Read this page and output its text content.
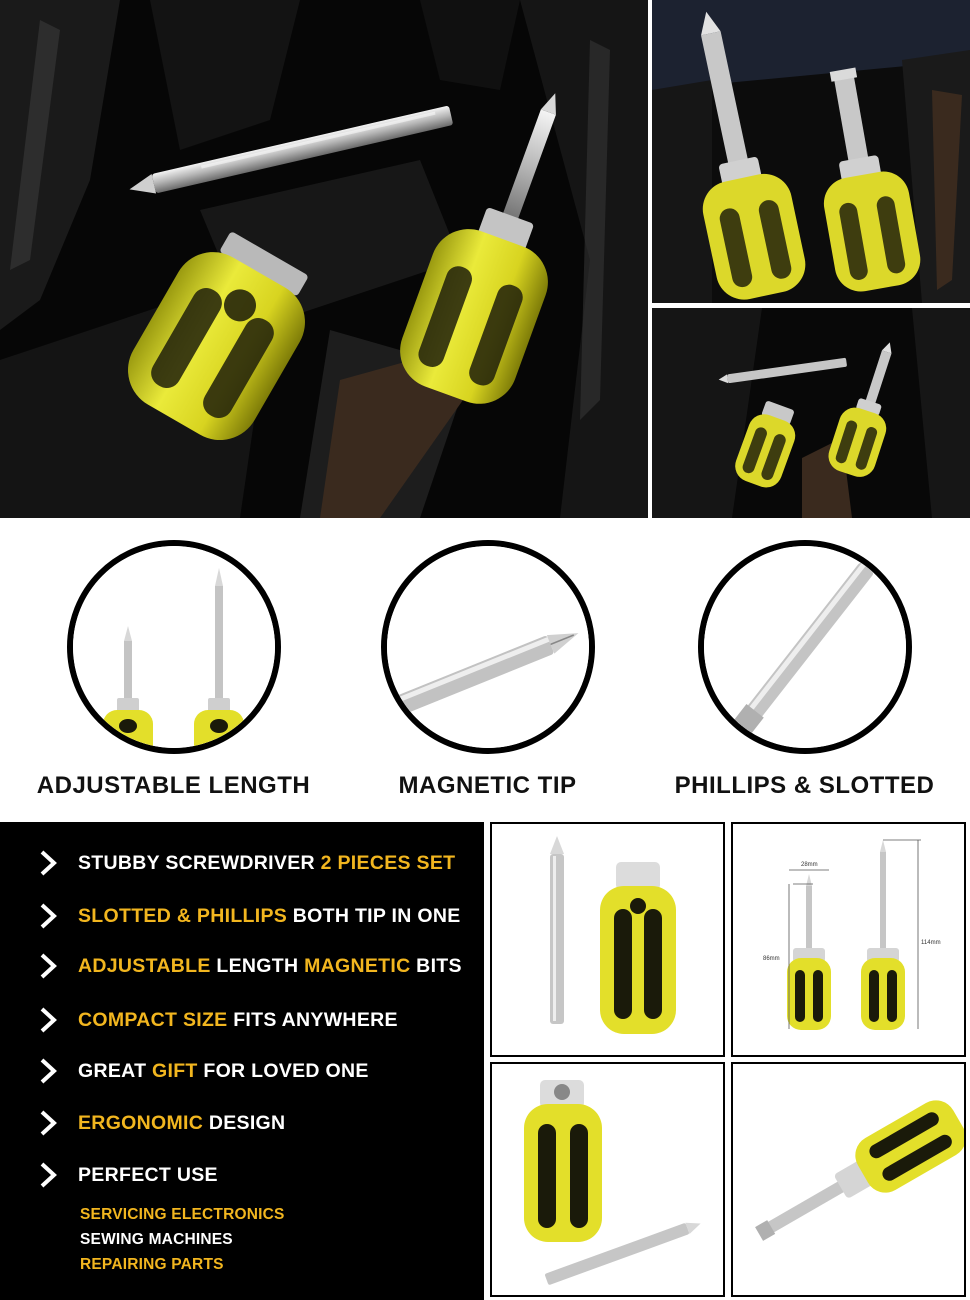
ADJUSTABLE LENGTH	MAGNETIC TIP	PHILLIPS & SLOTTED
STUBBY SCREWDRIVER 2 PIECES SET
SLOTTED & PHILLIPS BOTH TIP IN ONE
ADJUSTABLE LENGTH MAGNETIC BITS
COMPACT SIZE FITS ANYWHERE
GREAT GIFT FOR LOVED ONE
ERGONOMIC DESIGN
PERFECT USE
SERVICING ELECTRONICS
SEWING MACHINES
REPAIRING PARTS
28mm
86mm
114mm
